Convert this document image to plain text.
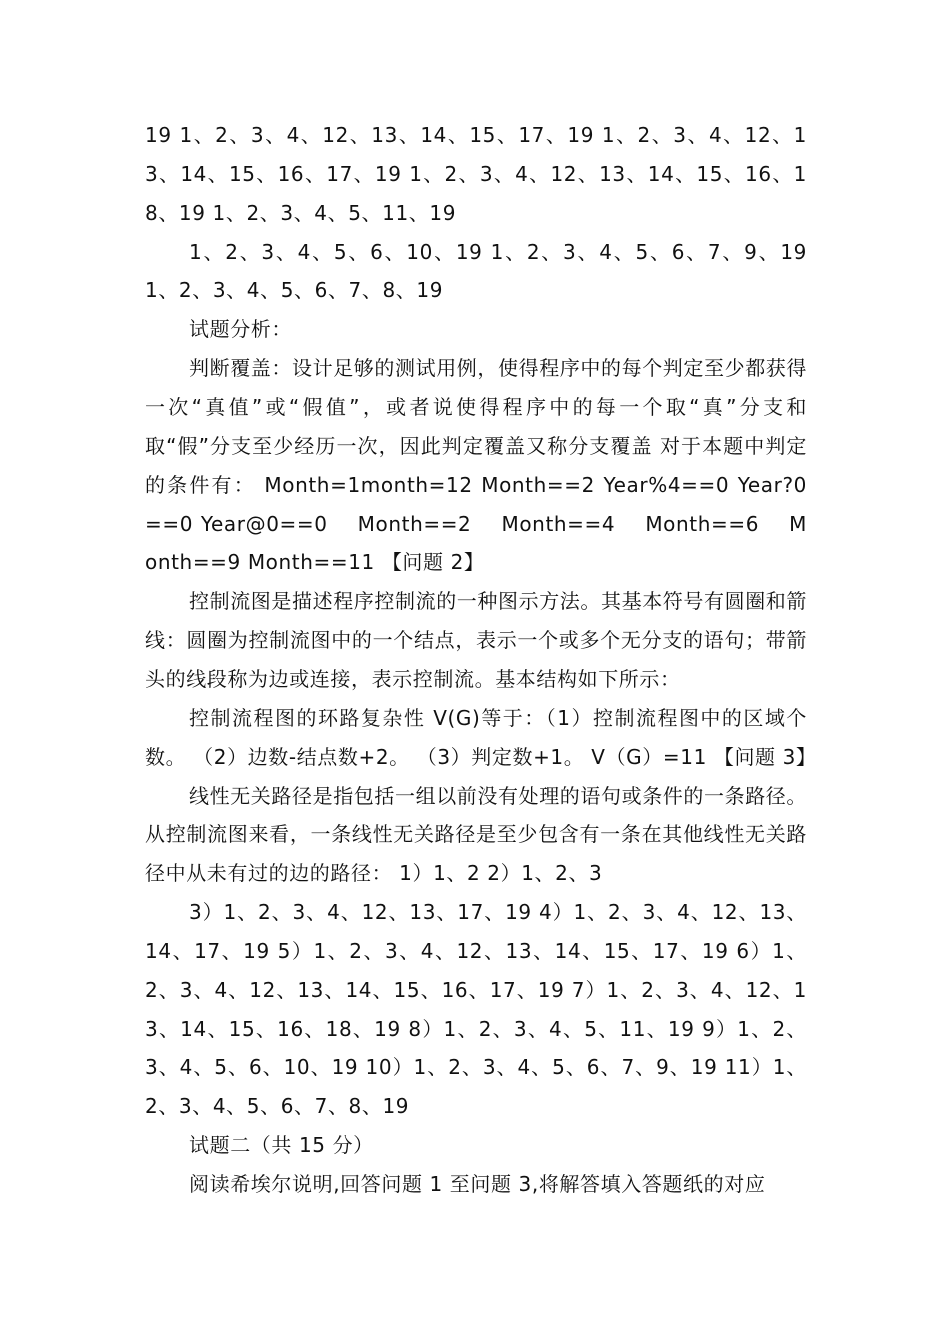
19 1、2、3、4、12、13、14、15、17、19 1、2、3、4、12、13、14、15、16、17、19 1、2、3、4、12、13、14、15、16、18、19 1、2、3、4、5、11、19

1、2、3、4、5、6、10、19 1、2、3、4、5、6、7、9、19 1、2、3、4、5、6、7、8、19

试题分析：

判断覆盖：设计足够的测试用例，使得程序中的每个判定至少都获得一次“真值”或“假值”，或者说使得程序中的每一个取“真”分支和取“假”分支至少经历一次，因此判定覆盖又称分支覆盖 对于本题中判定的条件有： Month=1month=12 Month==2 Year%4==0 Year?0==0 Year@0==0　 Month==2　 Month==4　 Month==6　 Month==9 Month==11 【问题 2】

控制流图是描述程序控制流的一种图示方法。其基本符号有圆圈和箭线：圆圈为控制流图中的一个结点，表示一个或多个无分支的语句；带箭头的线段称为边或连接，表示控制流。基本结构如下所示：

控制流程图的环路复杂性 V(G)等于：（1）控制流程图中的区域个数。 （2）边数-结点数+2。 （3）判定数+1。 V（G）=11 【问题 3】

线性无关路径是指包括一组以前没有处理的语句或条件的一条路径。从控制流图来看，一条线性无关路径是至少包含有一条在其他线性无关路径中从未有过的边的路径： 1）1、2 2）1、2、3

3）1、2、3、4、12、13、17、19 4）1、2、3、4、12、13、14、17、19 5）1、2、3、4、12、13、14、15、17、19 6）1、2、3、4、12、13、14、15、16、17、19 7）1、2、3、4、12、13、14、15、16、18、19 8）1、2、3、4、5、11、19 9）1、2、3、4、5、6、10、19 10）1、2、3、4、5、6、7、9、19 11）1、2、3、4、5、6、7、8、19

试题二（共 15 分）

阅读希埃尔说明,回答问题 1 至问题 3,将解答填入答题纸的对应
